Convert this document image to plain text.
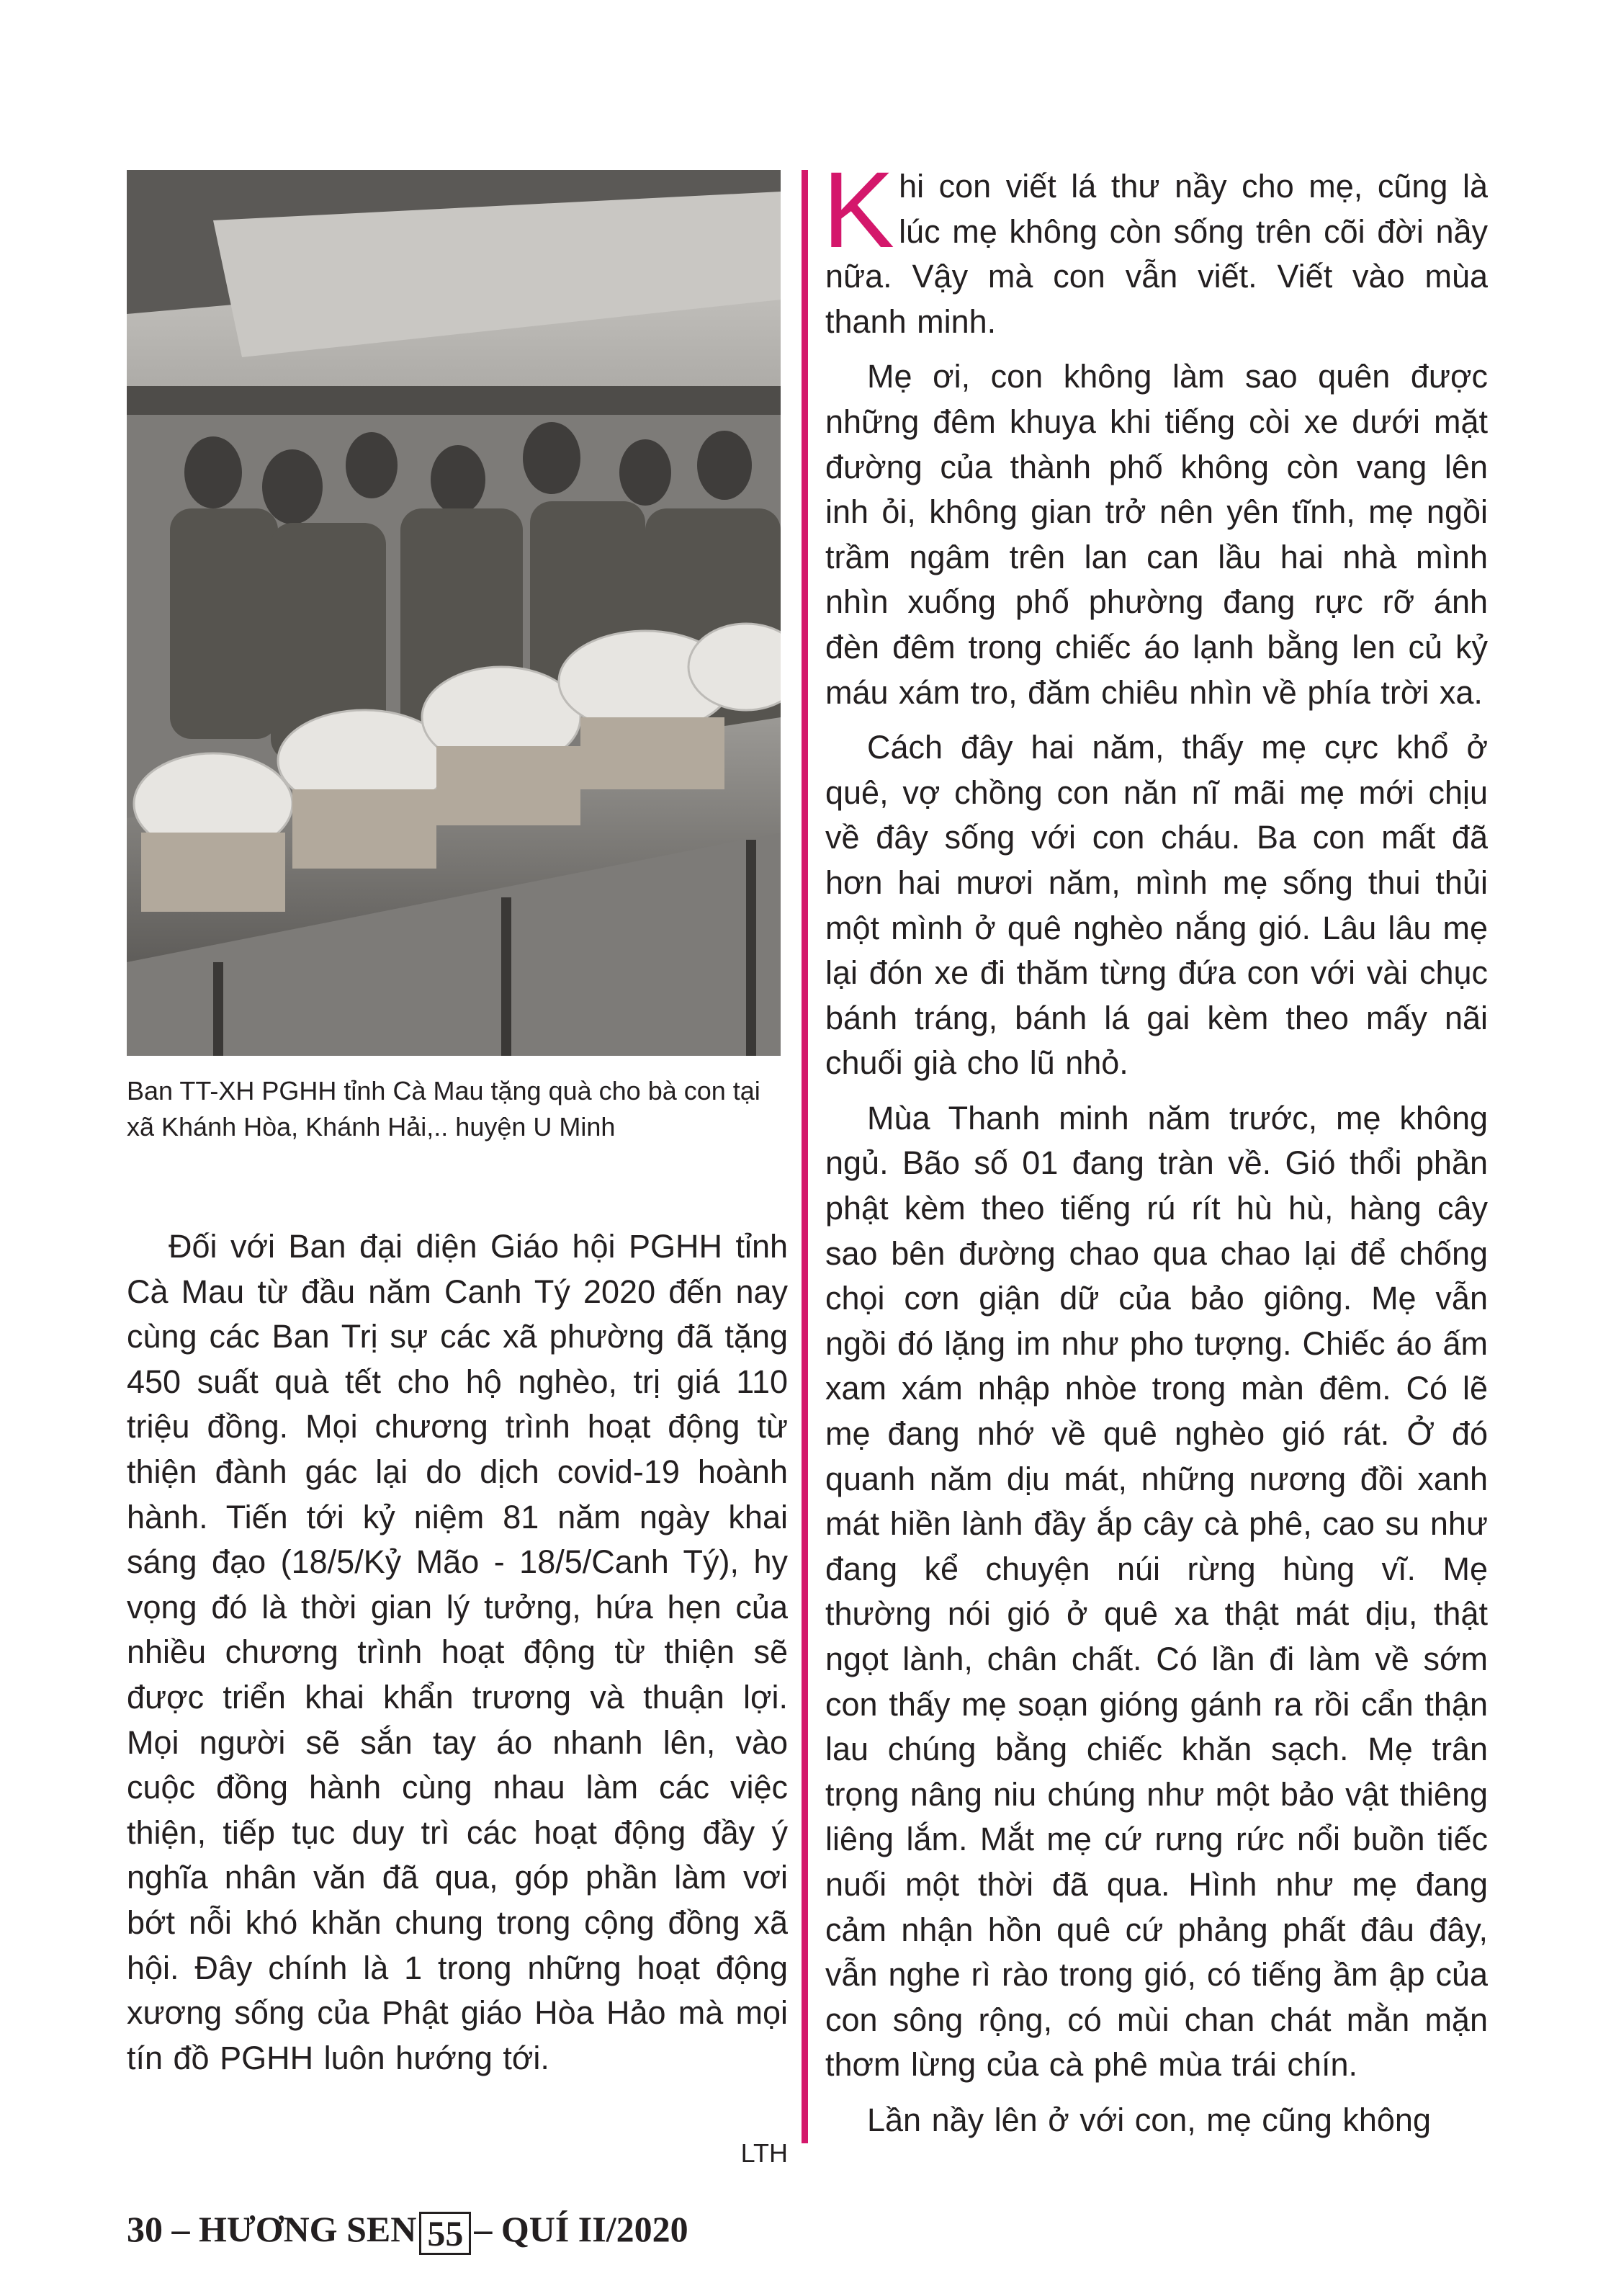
Ban TT-XH PGHH tỉnh Cà Mau tặng quà cho bà con tại xã Khánh Hòa, Khánh Hải,.. huyện U Minh

Đối với Ban đại diện Giáo hội PGHH tỉnh Cà Mau từ đầu năm Canh Tý 2020 đến nay cùng các Ban Trị sự các xã phường đã tặng 450 suất quà tết cho hộ nghèo, trị giá 110 triệu đồng. Mọi chương trình hoạt động từ thiện đành gác lại do dịch covid-19 hoành hành. Tiến tới kỷ niệm 81 năm ngày khai sáng đạo (18/5/Kỷ Mão - 18/5/Canh Tý), hy vọng đó là thời gian lý tưởng, hứa hẹn của nhiều chương trình hoạt động từ thiện sẽ được triển khai khẩn trương và thuận lợi. Mọi người sẽ sắn tay áo nhanh lên, vào cuộc đồng hành cùng nhau làm các việc thiện, tiếp tục duy trì các hoạt động đầy ý nghĩa nhân văn đã qua, góp phần làm vơi bớt nỗi khó khăn chung trong cộng đồng xã hội. Đây chính là 1 trong những hoạt động xương sống của Phật giáo Hòa Hảo mà mọi tín đồ PGHH luôn hướng tới.

LTH

Khi con viết lá thư nầy cho mẹ, cũng là lúc mẹ không còn sống trên cõi đời nầy nữa. Vậy mà con vẫn viết. Viết vào mùa thanh minh.

Mẹ ơi, con không làm sao quên được những đêm khuya khi tiếng còi xe dưới mặt đường của thành phố không còn vang lên inh ỏi, không gian trở nên yên tĩnh, mẹ ngồi trầm ngâm trên lan can lầu hai nhà mình nhìn xuống phố phường đang rực rỡ ánh đèn đêm trong chiếc áo lạnh bằng len củ kỷ máu xám tro, đăm chiêu nhìn về phía trời xa.

Cách đây hai năm, thấy mẹ cực khổ ở quê, vợ chồng con năn nĩ mãi mẹ mới chịu về đây sống với con cháu. Ba con mất đã hơn hai mươi năm, mình mẹ sống thui thủi một mình ở quê nghèo nắng gió. Lâu lâu mẹ lại đón xe đi thăm từng đứa con với vài chục bánh tráng, bánh lá gai kèm theo mấy nãi chuối già cho lũ nhỏ.

Mùa Thanh minh năm trước, mẹ không ngủ. Bão số 01 đang tràn về. Gió thổi phần phật kèm theo tiếng rú rít hù hù, hàng cây sao bên đường chao qua chao lại để chống chọi cơn giận dữ của bảo giông. Mẹ vẫn ngồi đó lặng im như pho tượng. Chiếc áo ấm xam xám nhập nhòe trong màn đêm. Có lẽ mẹ đang nhớ về quê nghèo gió rát. Ở đó quanh năm dịu mát, những nương đồi xanh mát hiền lành đầy ắp cây cà phê, cao su như đang kể chuyện núi rừng hùng vĩ. Mẹ thường nói gió ở quê xa thật mát dịu, thật ngọt lành, chân chất. Có lần đi làm về sớm con thấy mẹ soạn gióng gánh ra rồi cẩn thận lau chúng bằng chiếc khăn sạch. Mẹ trân trọng nâng niu chúng như một bảo vật thiêng liêng lắm. Mắt mẹ cứ rưng rức nổi buồn tiếc nuối một thời đã qua. Hình như mẹ đang cảm nhận hồn quê cứ phảng phất đâu đây, vẫn nghe rì rào trong gió, có tiếng ầm ập của con sông rộng, có mùi chan chát mằn mặn thơm lừng của cà phê mùa trái chín.

Lần nầy lên ở với con, mẹ cũng không

30 – HƯƠNG SEN 55 – QUÍ II/2020
